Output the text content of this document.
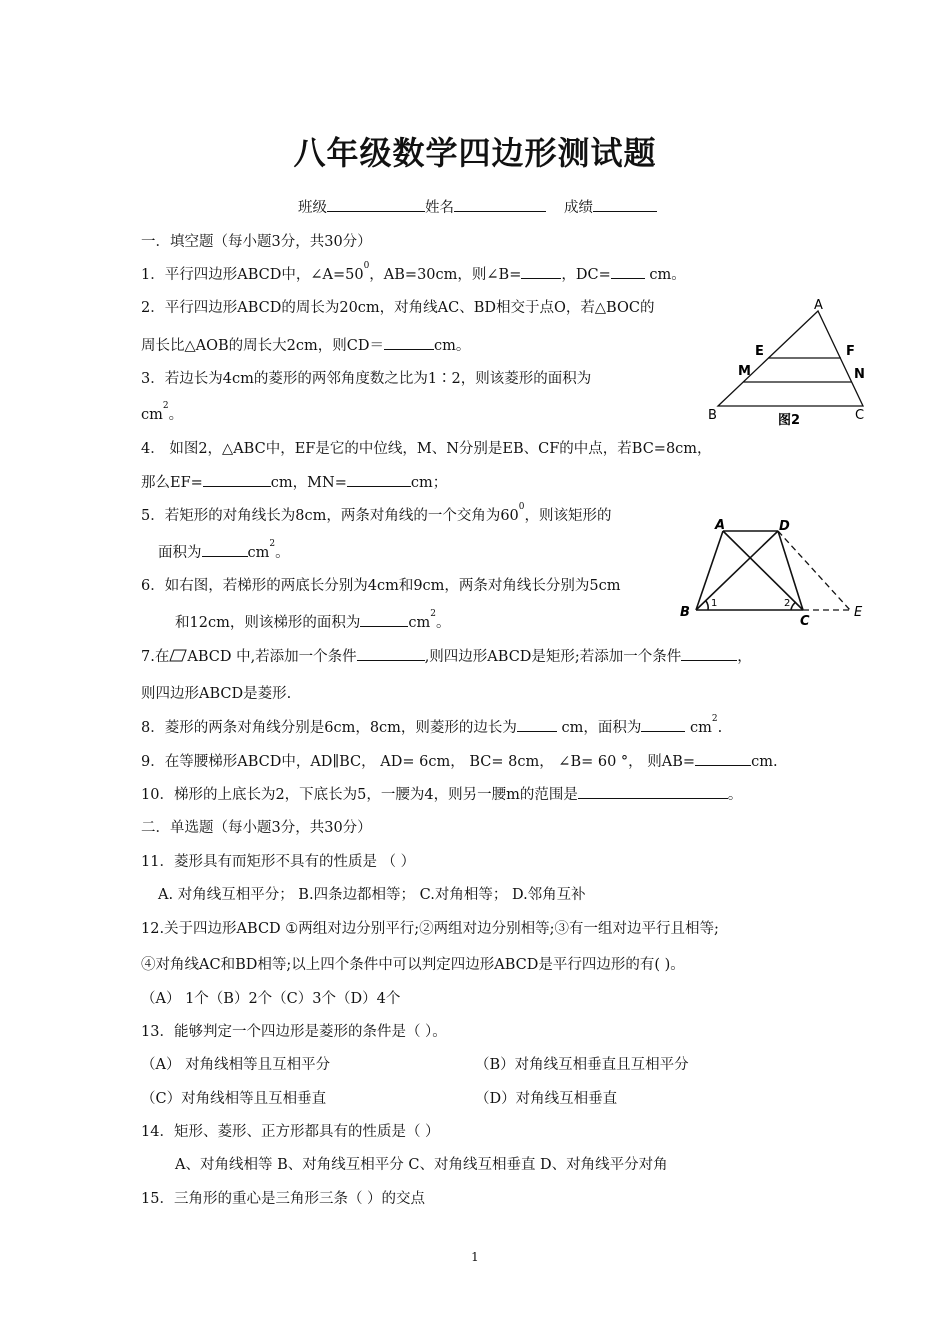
八年级数学四边形测试题
班级	姓名	成绩
一．填空题（每小题3分，共30分）
1．平行四边形ABCD中，$\angle A=50^0$，AB=30cm，则∠B=	，DC= cm。
2．平行四边形ABCD的周长为20cm，对角线AC、BD相交于点O，若△BOC的
周长比△AOB的周长大2cm，则CD＝	cm。
3．若边长为4cm的菱形的两邻角度数之比为1∶2，则该菱形的面积为
$cm^2$。
4． 如图2，△ABC中，EF是它的中位线，M、N分别是EB、CF的中点，若BC=8cm，
那么EF=	cm，MN=	cm；
5．若矩形的对角线长为8cm，两条对角线的一个交角为$60^0$，则该矩形的
面积为	$cm^2$。
6．如右图，若梯形的两底长分别为4cm和9cm，两条对角线长分别为5cm
和12cm，则该梯形的面积为	$cm^2$。
7.在 ABCD 中,若添加一个条件	,则四边形ABCD是矩形;若添加一个条件	，
则四边形ABCD是菱形.
8．菱形的两条对角线分别是6cm，8cm，则菱形的边长为	cm，面积为	$cm^2$.
9．在等腰梯形ABCD中，AD∥BC， AD= 6cm， BC= 8cm， ∠B= 60 °， 则AB=	cm.
10．梯形的上底长为2，下底长为5，一腰为4，则另一腰m的范围是	。
二．单选题（每小题3分，共30分）
11．菱形具有而矩形不具有的性质是 （ ）
A. 对角线互相平分； B.四条边都相等； C.对角相等； D.邻角互补
12.关于四边形ABCD ①两组对边分别平行;②两组对边分别相等;③有一组对边平行且相等;
④对角线AC和BD相等;以上四个条件中可以判定四边形ABCD是平行四边形的有( )。
（A） 1个（B）2个（C）3个（D）4个
13．能够判定一个四边形是菱形的条件是（ ）。
（A） 对角线相等且互相平分	（B）对角线互相垂直且互相平分
（C）对角线相等且互相垂直	（D）对角线互相垂直
14．矩形、菱形、正方形都具有的性质是（ ）
A、对角线相等 B、对角线互相平分 C、对角线互相垂直 D、对角线平分对角
15．三角形的重心是三角形三条（ ）的交点
A
B	C
E	F
M	N
图2
A	D
B
C
E
1	2
1
